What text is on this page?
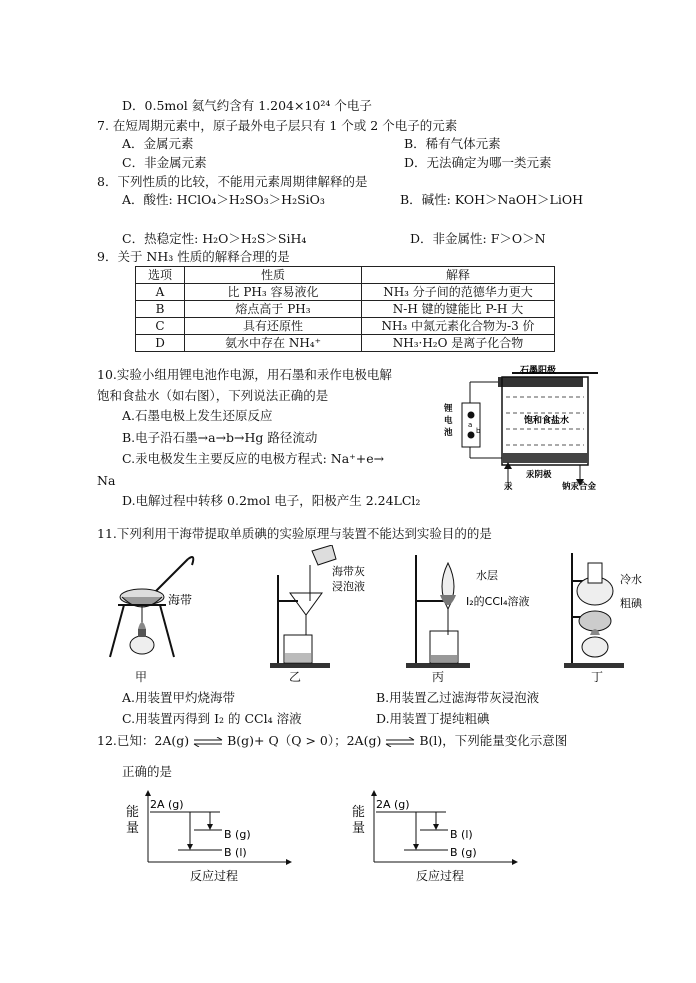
D．0.5mol 氦气约含有 1.204×10²⁴ 个电子
7. 在短周期元素中，原子最外电子层只有 1 个或 2 个电子的元素
A．金属元素	B．稀有气体元素
C．非金属元素	D．无法确定为哪一类元素
8．下列性质的比较，不能用元素周期律解释的是
A．酸性: HClO₄＞H₂SO₃＞H₂SiO₃	B．碱性: KOH＞NaOH＞LiOH
C．热稳定性: H₂O＞H₂S＞SiH₄	D．非金属性: F＞O＞N
9．关于 NH₃ 性质的解释合理的是
选项	性质	解释
A	比 PH₃ 容易液化	NH₃ 分子间的范德华力更大
B	熔点高于 PH₃	N-H 键的键能比 P-H 大
C	具有还原性	NH₃ 中氮元素化合物为-3 价
D	氨水中存在 NH₄⁺	NH₃·H₂O 是离子化合物
10.实验小组用锂电池作电源，用石墨和汞作电极电解
饱和食盐水（如右图），下列说法正确的是
A.石墨电极上发生还原反应
B.电子沿石墨→a→b→Hg 路径流动
C.汞电极发生主要反应的电极方程式: Na⁺+e→
Na
D.电解过程中转移 0.2mol 电子，阳极产生 2.24LCl₂
石墨阳极
锂
电
池
a
b
饱和食盐水
汞阴极
汞	钠汞合金
11.下列利用干海带提取单质碘的实验原理与装置不能达到实验目的的是
海带
海带灰
浸泡液
水层
I₂的CCl₄溶液
冷水
粗碘
甲	乙	丙	丁
A.用装置甲灼烧海带	B.用装置乙过滤海带灰浸泡液
C.用装置丙得到 I₂ 的 CCl₄ 溶液	D.用装置丁提纯粗碘
12.已知：2A(g) ⇌ B(g)+ Q（Q > 0）；2A(g) ⇌ B(l)，下列能量变化示意图
正确的是
能
量
2A (g)
B (g)
B (l)
反应过程
能
量
2A (g)
B (l)
B (g)
反应过程
